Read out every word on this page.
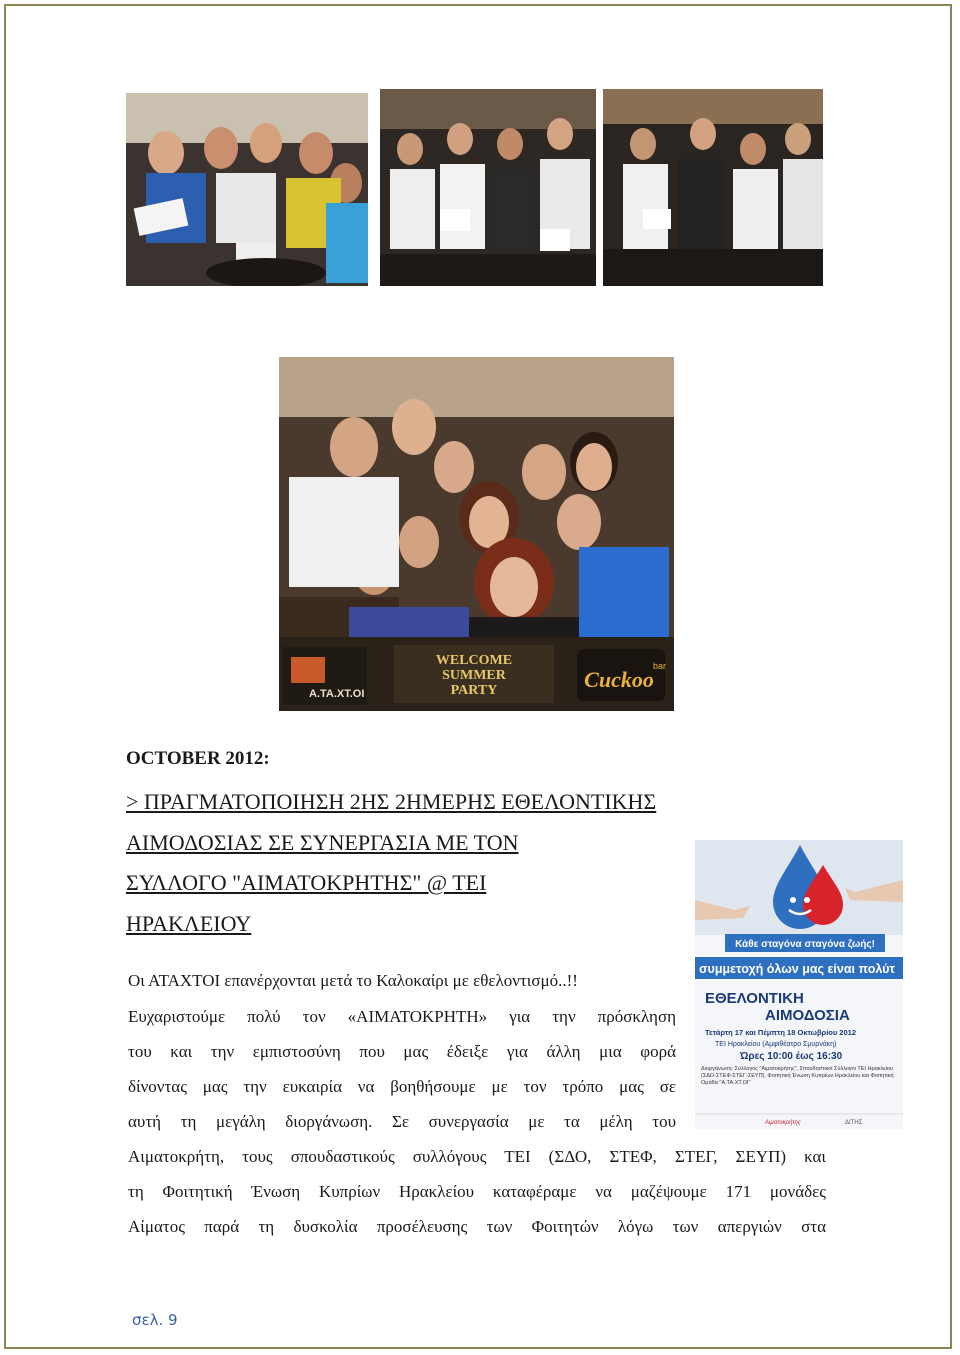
Α.ΤΑ.ΧΤ.ΟΙ
WELCOME
SUMMER
PARTY	Cuckoo
bar
OCTOBER 2012:
> ΠΡΑΓΜΑΤΟΠΟΙΗΣΗ 2ΗΣ 2ΗΜΕΡΗΣ ΕΘΕΛΟΝΤΙΚΗΣ
ΑΙΜΟΔΟΣΙΑΣ ΣΕ ΣΥΝΕΡΓΑΣΙΑ ΜΕ ΤΟΝ
ΣΥΛΛΟΓΟ "ΑΙΜΑΤΟΚΡΗΤΗΣ" @ ΤΕΙ
ΗΡΑΚΛΕΙΟΥ
Κάθε σταγόνα σταγόνα ζωής!
συμμετοχή όλων μας είναι πολύτ
ΕΘΕΛΟΝΤΙΚΗ
ΑΙΜΟΔΟΣΙΑ
Τετάρτη 17 και Πέμπτη 18 Οκτωβρίου 2012
ΤΕΙ Ηρακλείου (Αμφιθέατρο Σμυρνάκη)
Ώρες 10:00 έως 16:30
Διοργάνωση: Σύλλογος "Αιματοκρήτης", Σπουδαστικοί Σύλλογοι ΤΕΙ Ηρακλείου (ΣΔΟ-ΣΤΕΦ-ΣΤΕΓ-ΣΕΥΠ), Φοιτητική Ένωση Κυπρίων Ηρακλείου και Φοιτητική Ομάδα "Α.ΤΑ.ΧΤ.ΟΙ"
Αιματοκρήτης	ΔΙΤΗΣ
Οι ΑΤΑΧΤΟΙ επανέρχονται μετά το Καλοκαίρι με εθελοντισμό..!!
Ευχαριστούμε πολύ τον «ΑΙΜΑΤΟΚΡΗΤΗ» για την πρόσκληση
του και την εμπιστοσύνη που μας έδειξε για άλλη μια φορά
δίνοντας μας την ευκαιρία να βοηθήσουμε με τον τρόπο μας σε
αυτή τη μεγάλη διοργάνωση. Σε συνεργασία με τα μέλη του
Αιματοκρήτη, τους σπουδαστικούς συλλόγους ΤΕΙ (ΣΔΟ, ΣΤΕΦ, ΣΤΕΓ, ΣΕΥΠ) και
τη Φοιτητική Ένωση Κυπρίων Ηρακλείου καταφέραμε να μαζέψουμε 171 μονάδες
Αίματος παρά τη δυσκολία προσέλευσης των Φοιτητών λόγω των απεργιών στα
σελ. 9
